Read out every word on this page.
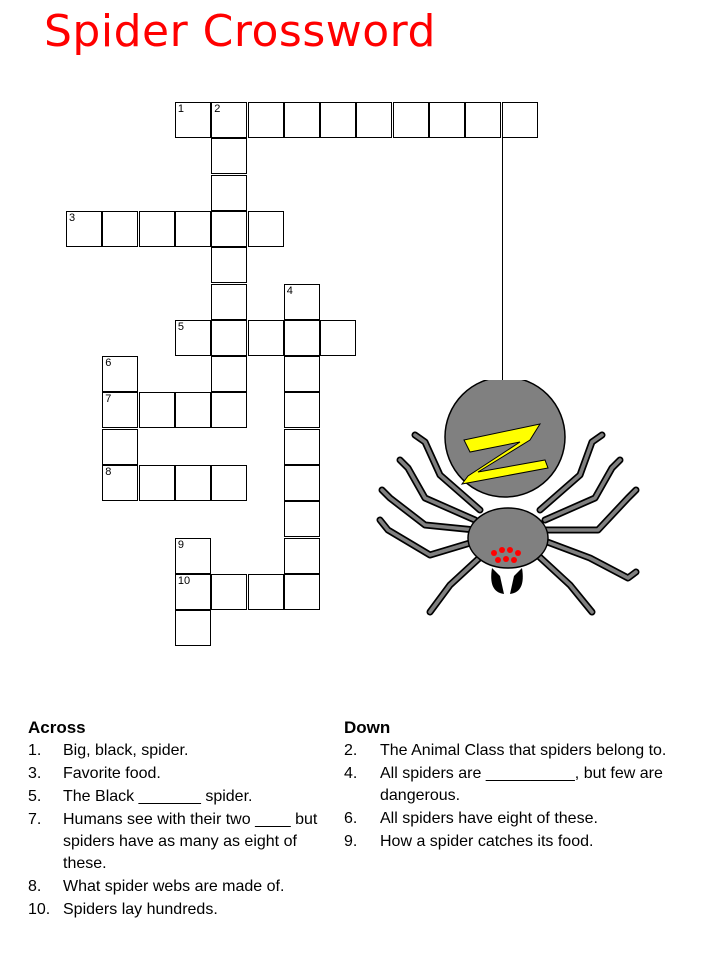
Spider Crossword
1	2
3
4
5
6
7
8
9
10
Across
1. Big, black, spider.
3. Favorite food.
5. The Black _______ spider.
7. Humans see with their two ____ but spiders have as many as eight of these.
8. What spider webs are made of.
10. Spiders lay hundreds.
Down
2. The Animal Class that spiders belong to.
4. All spiders are __________, but few are dangerous.
6. All spiders have eight of these.
9. How a spider catches its food.
